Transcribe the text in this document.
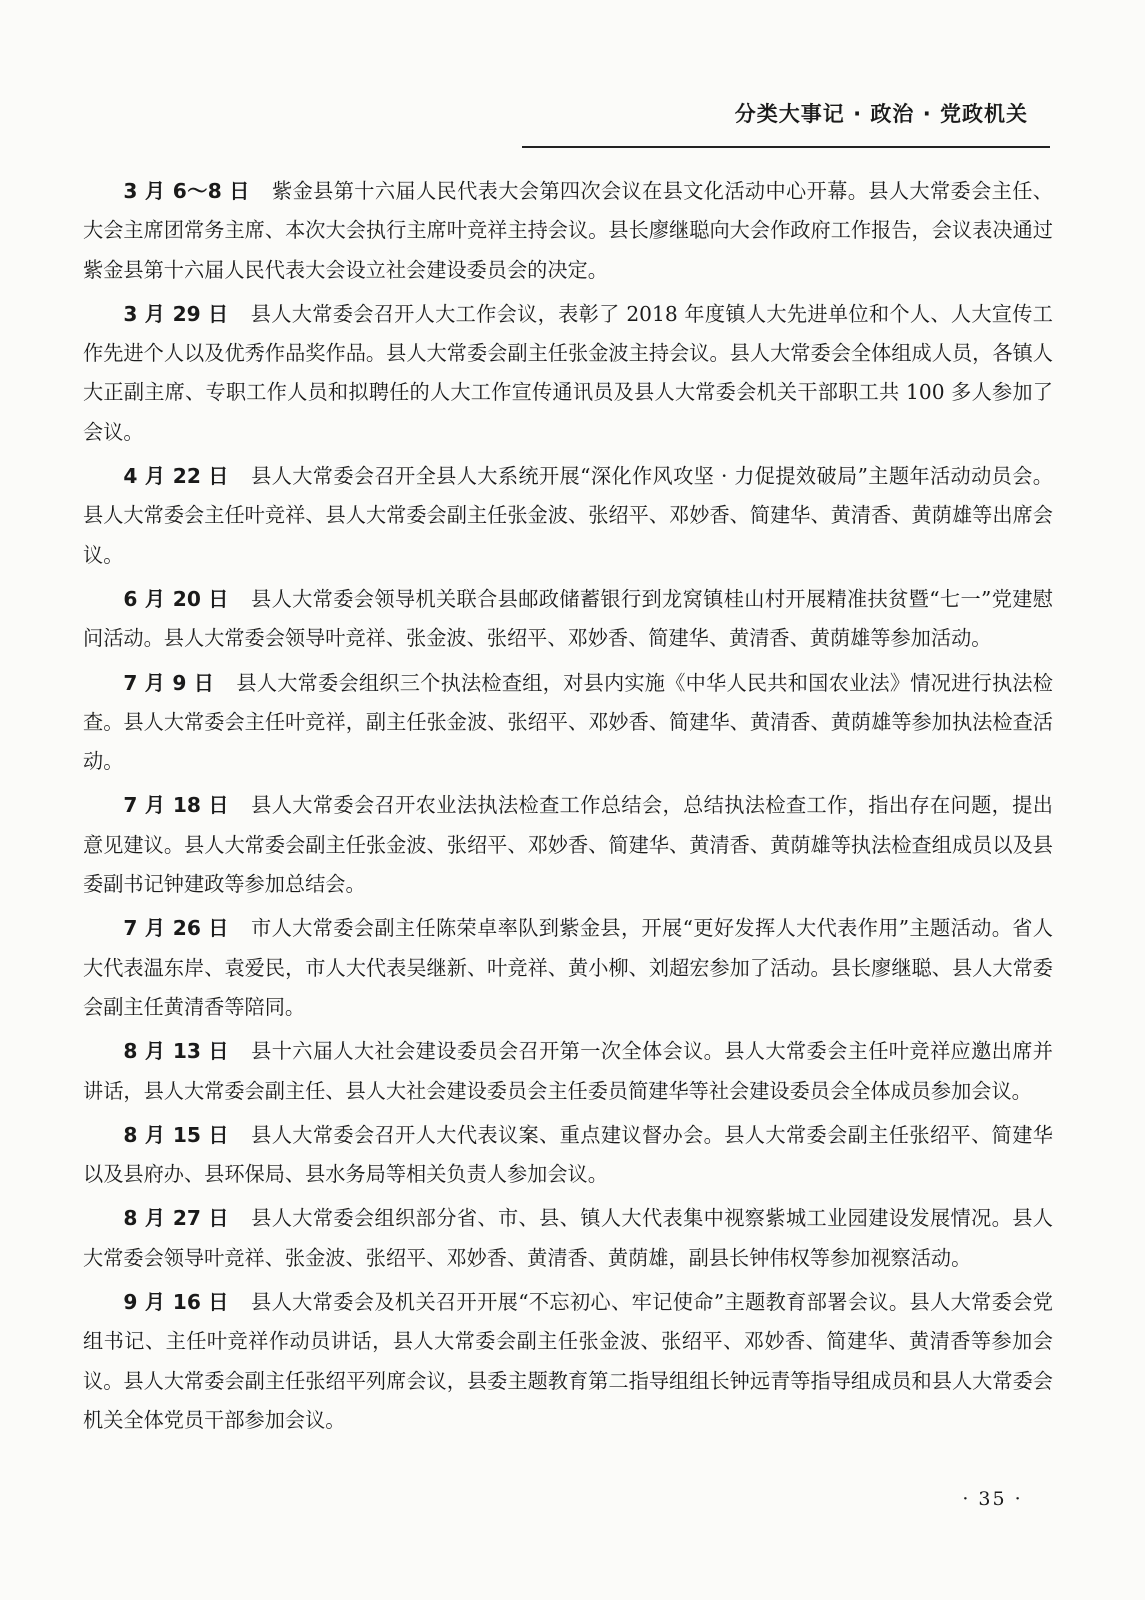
分类大事记 · 政治 · 党政机关

3 月 6～8 日 紫金县第十六届人民代表大会第四次会议在县文化活动中心开幕。县人大常委会主任、大会主席团常务主席、本次大会执行主席叶竞祥主持会议。县长廖继聪向大会作政府工作报告，会议表决通过紫金县第十六届人民代表大会设立社会建设委员会的决定。

3 月 29 日 县人大常委会召开人大工作会议，表彰了 2018 年度镇人大先进单位和个人、人大宣传工作先进个人以及优秀作品奖作品。县人大常委会副主任张金波主持会议。县人大常委会全体组成人员，各镇人大正副主席、专职工作人员和拟聘任的人大工作宣传通讯员及县人大常委会机关干部职工共 100 多人参加了会议。

4 月 22 日 县人大常委会召开全县人大系统开展“深化作风攻坚 · 力促提效破局”主题年活动动员会。县人大常委会主任叶竞祥、县人大常委会副主任张金波、张绍平、邓妙香、简建华、黄清香、黄荫雄等出席会议。

6 月 20 日 县人大常委会领导机关联合县邮政储蓄银行到龙窝镇桂山村开展精准扶贫暨“七一”党建慰问活动。县人大常委会领导叶竞祥、张金波、张绍平、邓妙香、简建华、黄清香、黄荫雄等参加活动。

7 月 9 日 县人大常委会组织三个执法检查组，对县内实施《中华人民共和国农业法》情况进行执法检查。县人大常委会主任叶竞祥，副主任张金波、张绍平、邓妙香、简建华、黄清香、黄荫雄等参加执法检查活动。

7 月 18 日 县人大常委会召开农业法执法检查工作总结会，总结执法检查工作，指出存在问题，提出意见建议。县人大常委会副主任张金波、张绍平、邓妙香、简建华、黄清香、黄荫雄等执法检查组成员以及县委副书记钟建政等参加总结会。

7 月 26 日 市人大常委会副主任陈荣卓率队到紫金县，开展“更好发挥人大代表作用”主题活动。省人大代表温东岸、袁爱民，市人大代表吴继新、叶竞祥、黄小柳、刘超宏参加了活动。县长廖继聪、县人大常委会副主任黄清香等陪同。

8 月 13 日 县十六届人大社会建设委员会召开第一次全体会议。县人大常委会主任叶竞祥应邀出席并讲话，县人大常委会副主任、县人大社会建设委员会主任委员简建华等社会建设委员会全体成员参加会议。

8 月 15 日 县人大常委会召开人大代表议案、重点建议督办会。县人大常委会副主任张绍平、简建华以及县府办、县环保局、县水务局等相关负责人参加会议。

8 月 27 日 县人大常委会组织部分省、市、县、镇人大代表集中视察紫城工业园建设发展情况。县人大常委会领导叶竞祥、张金波、张绍平、邓妙香、黄清香、黄荫雄，副县长钟伟权等参加视察活动。

9 月 16 日 县人大常委会及机关召开开展“不忘初心、牢记使命”主题教育部署会议。县人大常委会党组书记、主任叶竞祥作动员讲话，县人大常委会副主任张金波、张绍平、邓妙香、简建华、黄清香等参加会议。县人大常委会副主任张绍平列席会议，县委主题教育第二指导组组长钟远青等指导组成员和县人大常委会机关全体党员干部参加会议。

· 35 ·
